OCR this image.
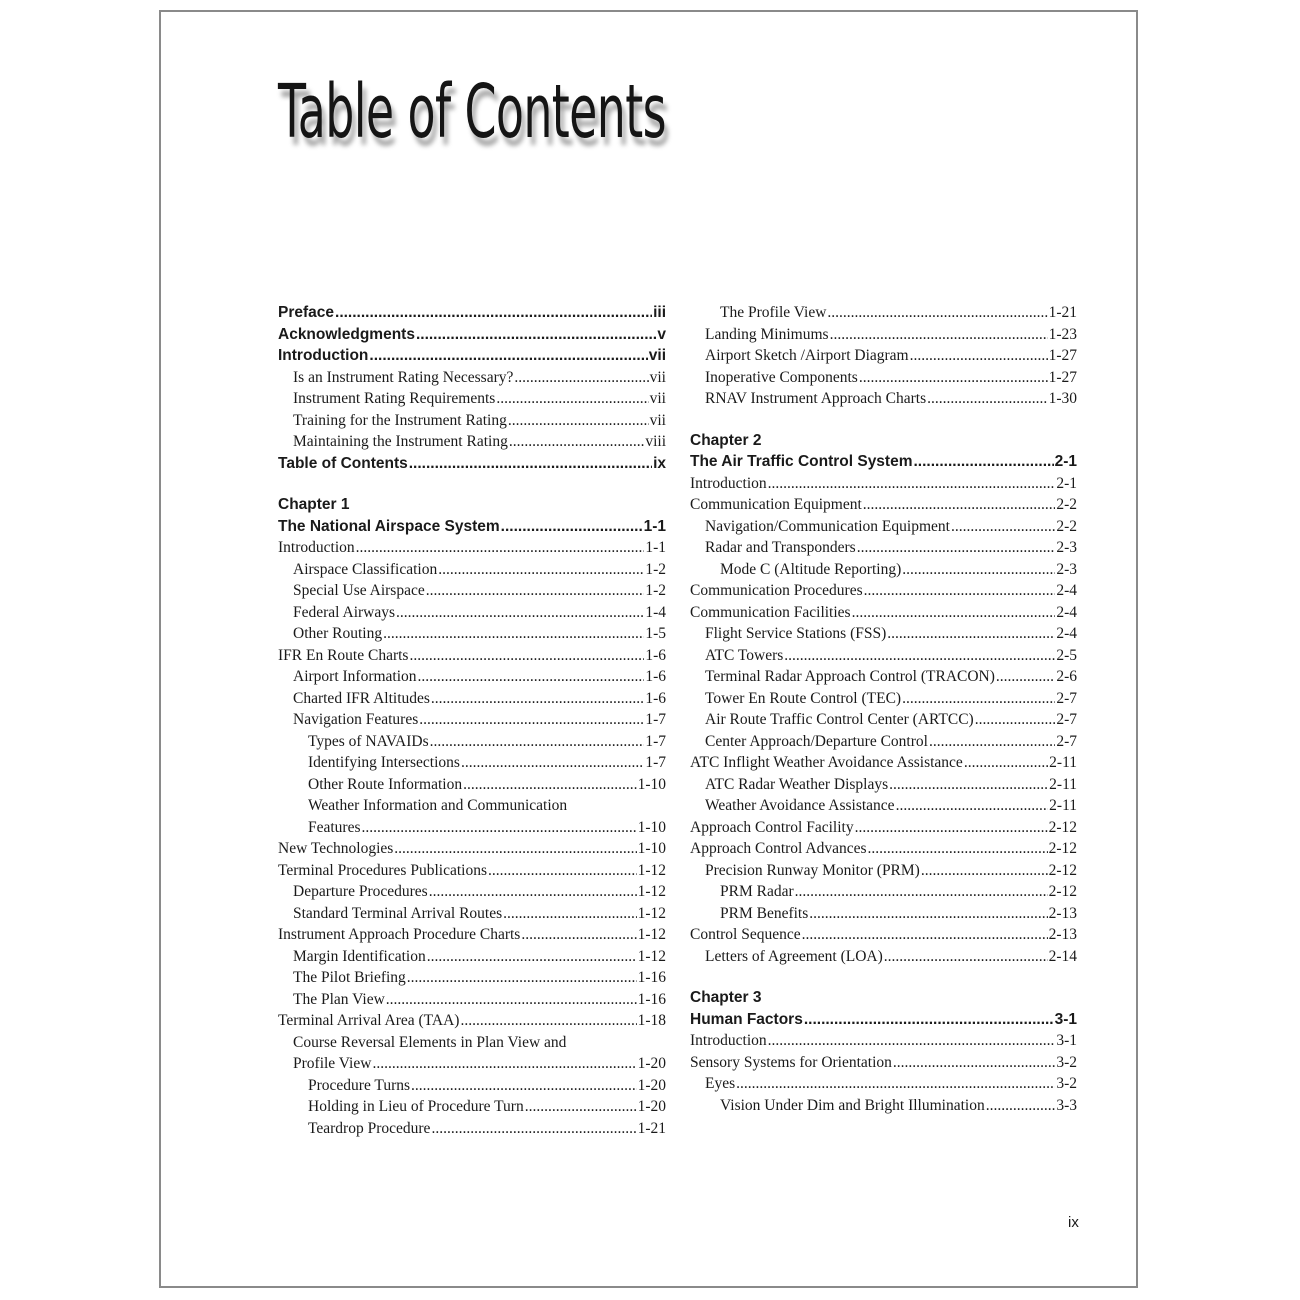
Table of Contents
Preface .....	iii
Acknowledgments .....	v
Introduction .....	vii
Is an Instrument Rating Necessary? .....	vii
Instrument Rating Requirements .....	vii
Training for the Instrument Rating .....	vii
Maintaining the Instrument Rating .....	viii
Table of Contents .....	ix
Chapter 1
The National Airspace System .....	1-1
Introduction .....	1-1
Airspace Classification .....	1-2
Special Use Airspace .....	1-2
Federal Airways .....	1-4
Other Routing .....	1-5
IFR En Route Charts .....	1-6
Airport Information .....	1-6
Charted IFR Altitudes .....	1-6
Navigation Features .....	1-7
Types of NAVAIDs .....	1-7
Identifying Intersections .....	1-7
Other Route Information .....	1-10
Weather Information and Communication
Features .....	1-10
New Technologies .....	1-10
Terminal Procedures Publications .....	1-12
Departure Procedures .....	1-12
Standard Terminal Arrival Routes .....	1-12
Instrument Approach Procedure Charts .....	1-12
Margin Identification .....	1-12
The Pilot Briefing .....	1-16
The Plan View .....	1-16
Terminal Arrival Area (TAA) .....	1-18
Course Reversal Elements in Plan View and
Profile View .....	1-20
Procedure Turns .....	1-20
Holding in Lieu of Procedure Turn .....	1-20
Teardrop Procedure .....	1-21
The Profile View .....	1-21
Landing Minimums .....	1-23
Airport Sketch /Airport Diagram .....	1-27
Inoperative Components .....	1-27
RNAV Instrument Approach Charts .....	1-30
Chapter 2
The Air Traffic Control System .....	2-1
Introduction .....	2-1
Communication Equipment .....	2-2
Navigation/Communication Equipment .....	2-2
Radar and Transponders .....	2-3
Mode C (Altitude Reporting) .....	2-3
Communication Procedures .....	2-4
Communication Facilities .....	2-4
Flight Service Stations (FSS) .....	2-4
ATC Towers .....	2-5
Terminal Radar Approach Control (TRACON) .....	2-6
Tower En Route Control (TEC) .....	2-7
Air Route Traffic Control Center (ARTCC) .....	2-7
Center Approach/Departure Control .....	2-7
ATC Inflight Weather Avoidance Assistance .....	2-11
ATC Radar Weather Displays .....	2-11
Weather Avoidance Assistance .....	2-11
Approach Control Facility .....	2-12
Approach Control Advances .....	2-12
Precision Runway Monitor (PRM) .....	2-12
PRM Radar .....	2-12
PRM Benefits .....	2-13
Control Sequence .....	2-13
Letters of Agreement (LOA) .....	2-14
Chapter 3
Human Factors .....	3-1
Introduction .....	3-1
Sensory Systems for Orientation .....	3-2
Eyes .....	3-2
Vision Under Dim and Bright Illumination .....	3-3
ix
